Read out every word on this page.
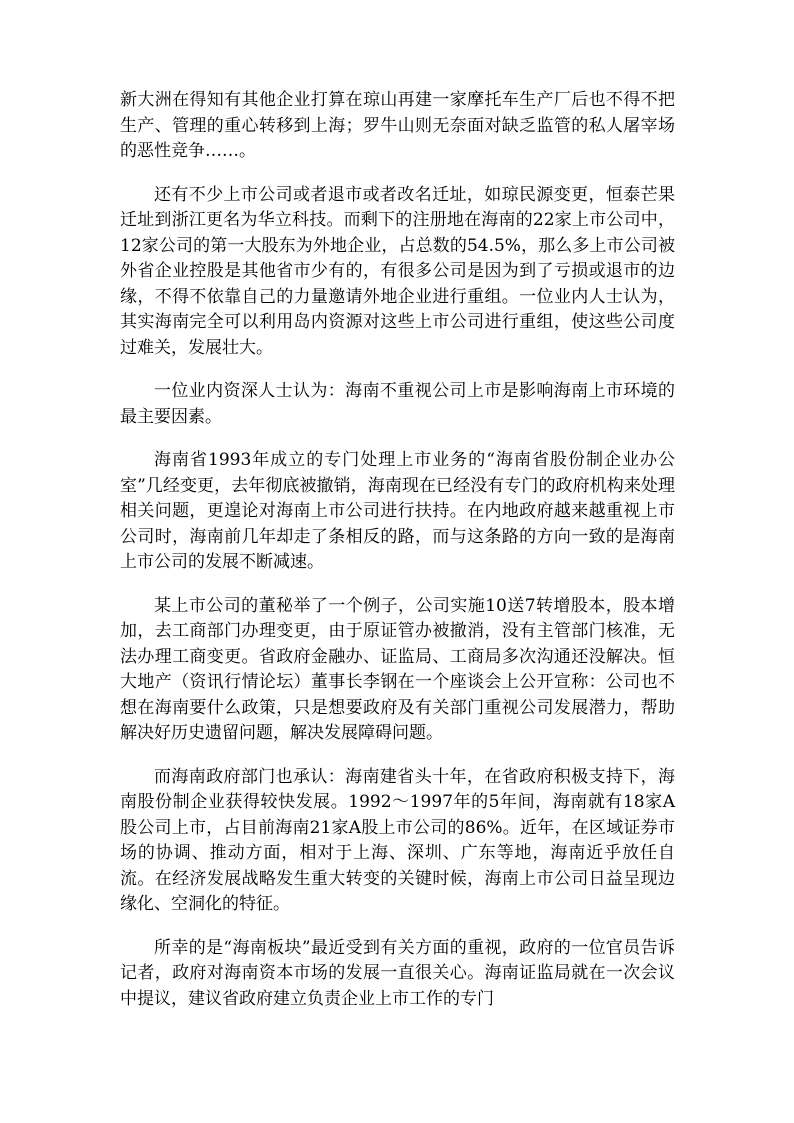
新大洲在得知有其他企业打算在琼山再建一家摩托车生产厂后也不得不把生产、管理的重心转移到上海；罗牛山则无奈面对缺乏监管的私人屠宰场的恶性竞争……。

还有不少上市公司或者退市或者改名迁址，如琼民源变更，恒泰芒果迁址到浙江更名为华立科技。而剩下的注册地在海南的22家上市公司中，12家公司的第一大股东为外地企业，占总数的54.5%，那么多上市公司被外省企业控股是其他省市少有的，有很多公司是因为到了亏损或退市的边缘，不得不依靠自己的力量邀请外地企业进行重组。一位业内人士认为，其实海南完全可以利用岛内资源对这些上市公司进行重组，使这些公司度过难关，发展壮大。

一位业内资深人士认为：海南不重视公司上市是影响海南上市环境的最主要因素。

海南省1993年成立的专门处理上市业务的“海南省股份制企业办公室”几经变更，去年彻底被撤销，海南现在已经没有专门的政府机构来处理相关问题，更遑论对海南上市公司进行扶持。在内地政府越来越重视上市公司时，海南前几年却走了条相反的路，而与这条路的方向一致的是海南上市公司的发展不断减速。

某上市公司的董秘举了一个例子，公司实施10送7转增股本，股本增加，去工商部门办理变更，由于原证管办被撤消，没有主管部门核准，无法办理工商变更。省政府金融办、证监局、工商局多次沟通还没解决。恒大地产（资讯行情论坛）董事长李钢在一个座谈会上公开宣称：公司也不想在海南要什么政策，只是想要政府及有关部门重视公司发展潜力，帮助解决好历史遗留问题，解决发展障碍问题。

而海南政府部门也承认：海南建省头十年，在省政府积极支持下，海南股份制企业获得较快发展。1992～1997年的5年间，海南就有18家A股公司上市，占目前海南21家A股上市公司的86%。近年，在区域证券市场的协调、推动方面，相对于上海、深圳、广东等地，海南近乎放任自流。在经济发展战略发生重大转变的关键时候，海南上市公司日益呈现边缘化、空洞化的特征。

所幸的是“海南板块”最近受到有关方面的重视，政府的一位官员告诉记者，政府对海南资本市场的发展一直很关心。海南证监局就在一次会议中提议，建议省政府建立负责企业上市工作的专门
